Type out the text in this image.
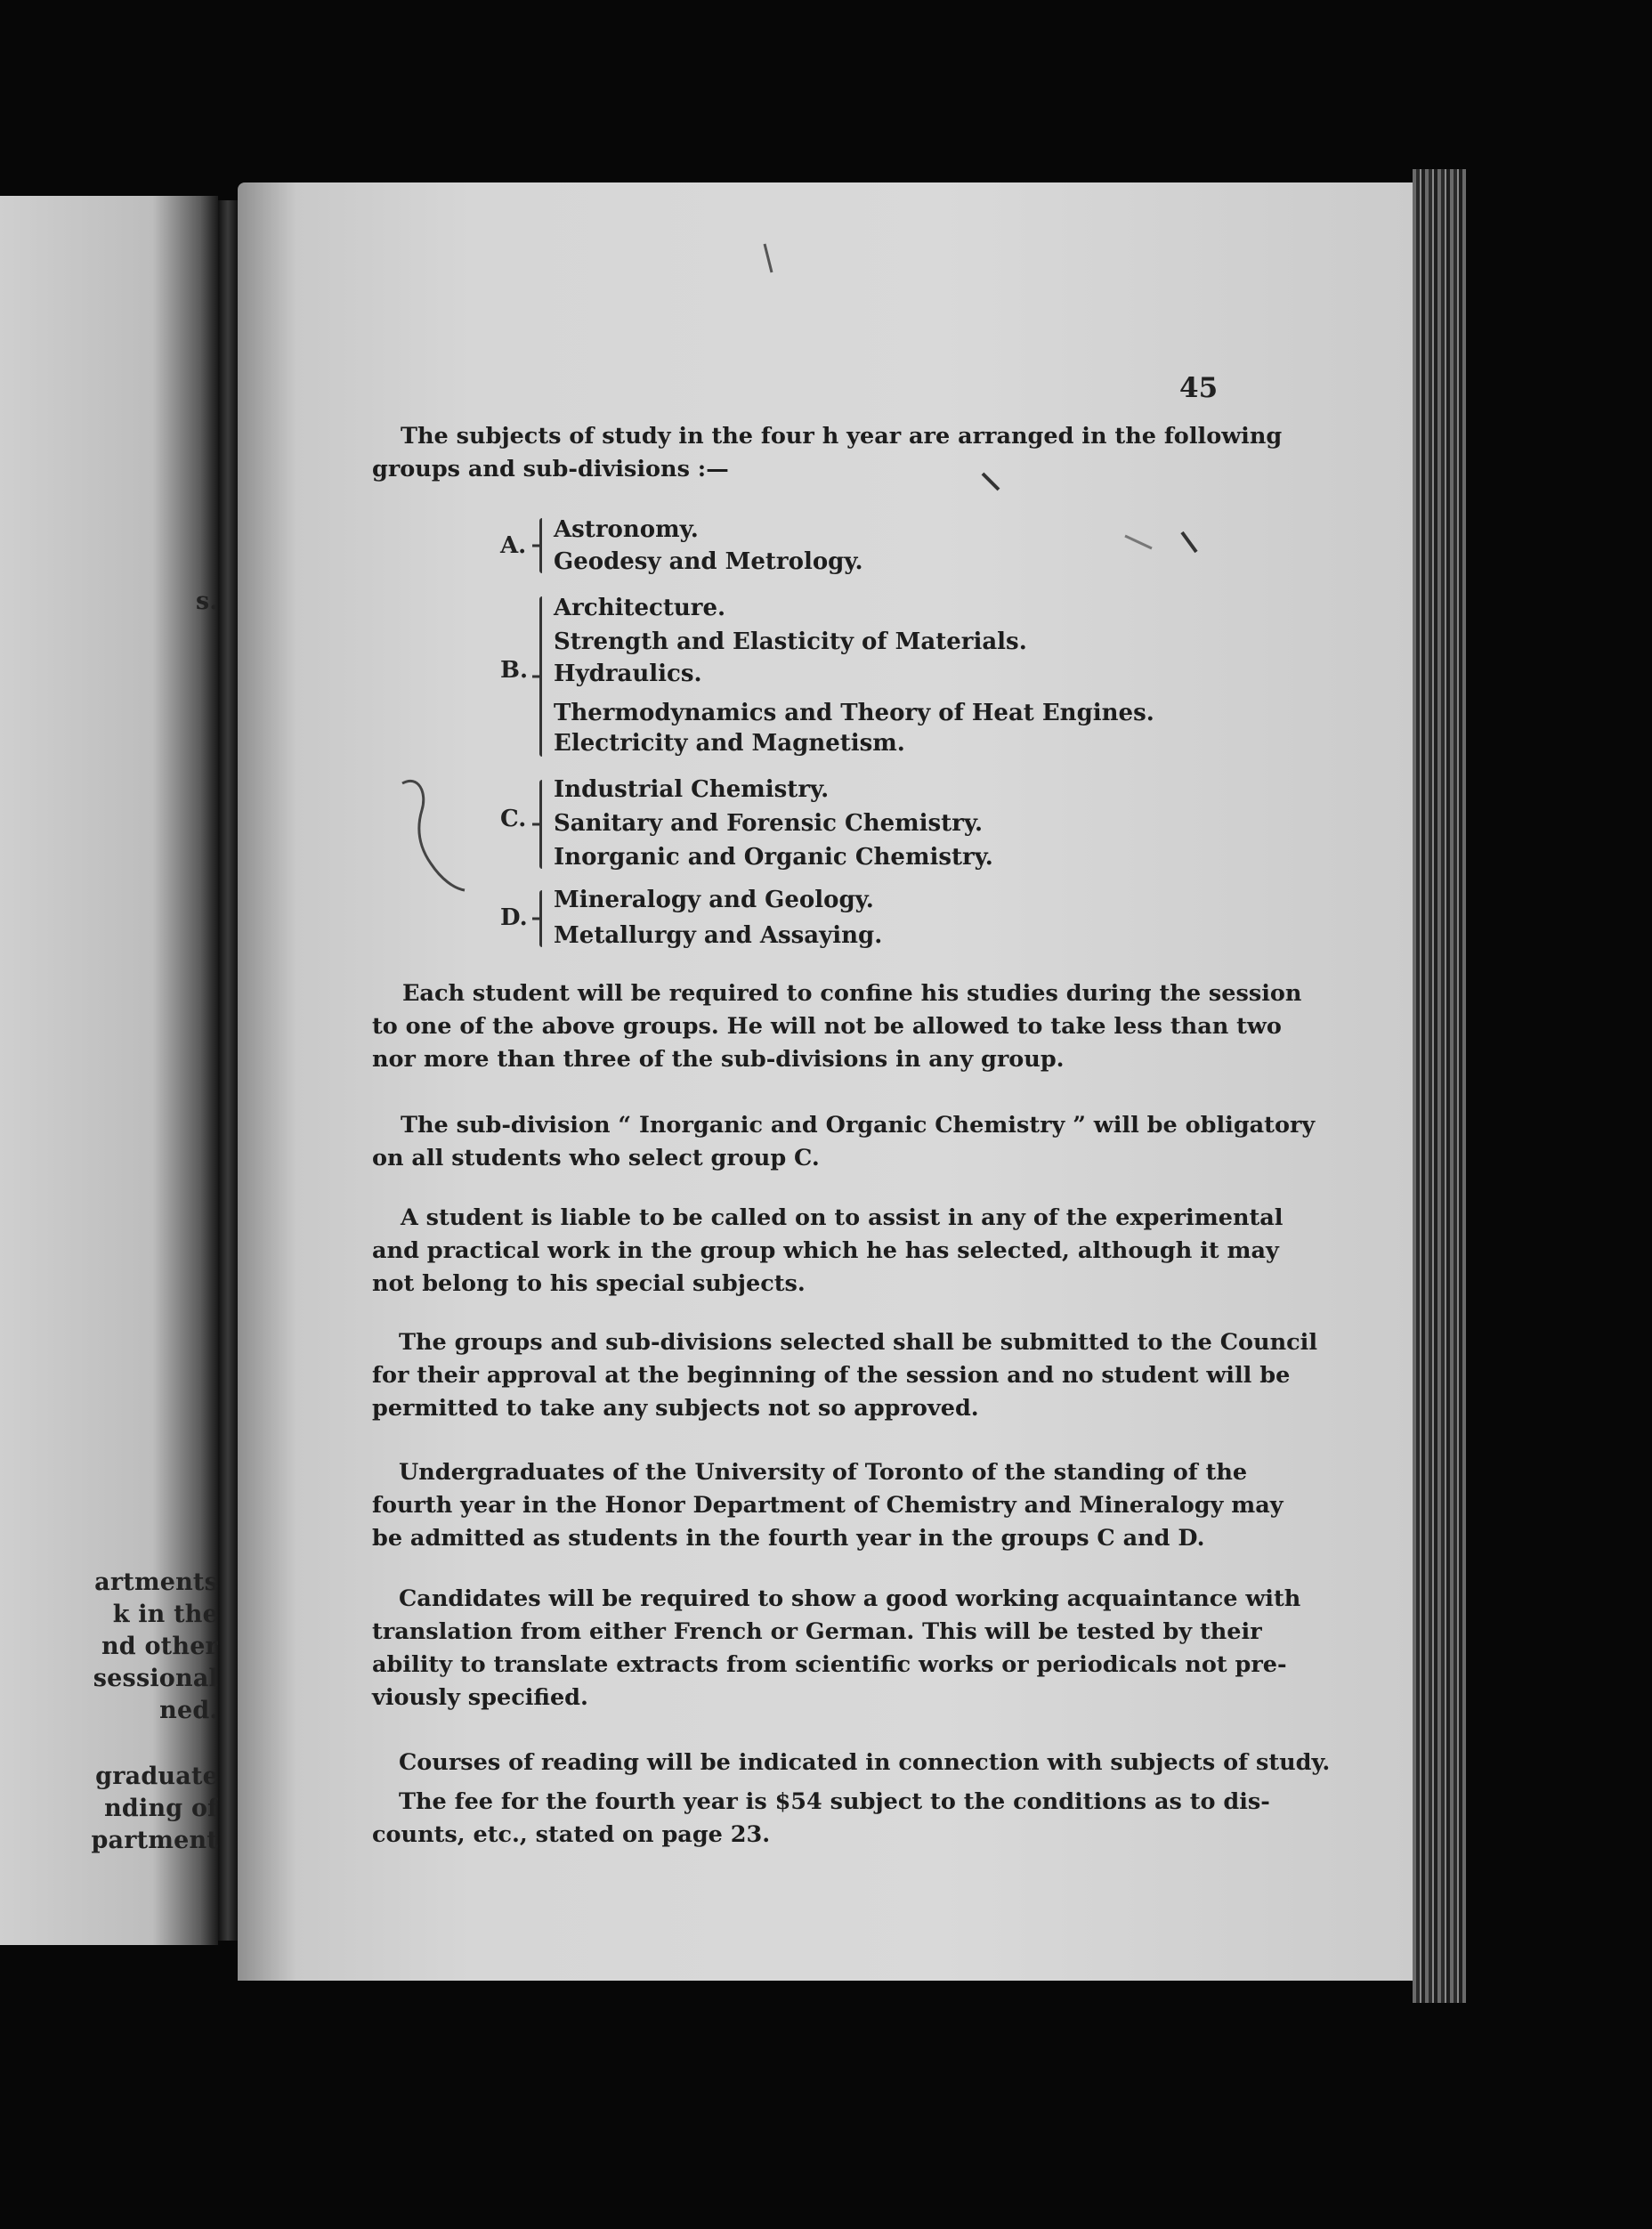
s.
artments
k in the
nd other
sessional
ned.
graduate
nding of
partment
45
The subjects of study in the four h year are arranged in the following
groups and sub-divisions :—
A.
Astronomy.
Geodesy and Metrology.
B.
Architecture.
Strength and Elasticity of Materials.
Hydraulics.
Thermodynamics and Theory of Heat Engines.
Electricity and Magnetism.
C.
Industrial Chemistry.
Sanitary and Forensic Chemistry.
Inorganic and Organic Chemistry.
D.
Mineralogy and Geology.
Metallurgy and Assaying.
Each student will be required to confine his studies during the session
to one of the above groups. He will not be allowed to take less than two
nor more than three of the sub-divisions in any group.
The sub-division “ Inorganic and Organic Chemistry ” will be obligatory
on all students who select group C.
A student is liable to be called on to assist in any of the experimental
and practical work in the group which he has selected, although it may
not belong to his special subjects.
The groups and sub-divisions selected shall be submitted to the Council
for their approval at the beginning of the session and no student will be
permitted to take any subjects not so approved.
Undergraduates of the University of Toronto of the standing of the
fourth year in the Honor Department of Chemistry and Mineralogy may
be admitted as students in the fourth year in the groups C and D.
Candidates will be required to show a good working acquaintance with
translation from either French or German. This will be tested by their
ability to translate extracts from scientific works or periodicals not pre-
viously specified.
Courses of reading will be indicated in connection with subjects of study.
The fee for the fourth year is $54 subject to the conditions as to dis-
counts, etc., stated on page 23.
